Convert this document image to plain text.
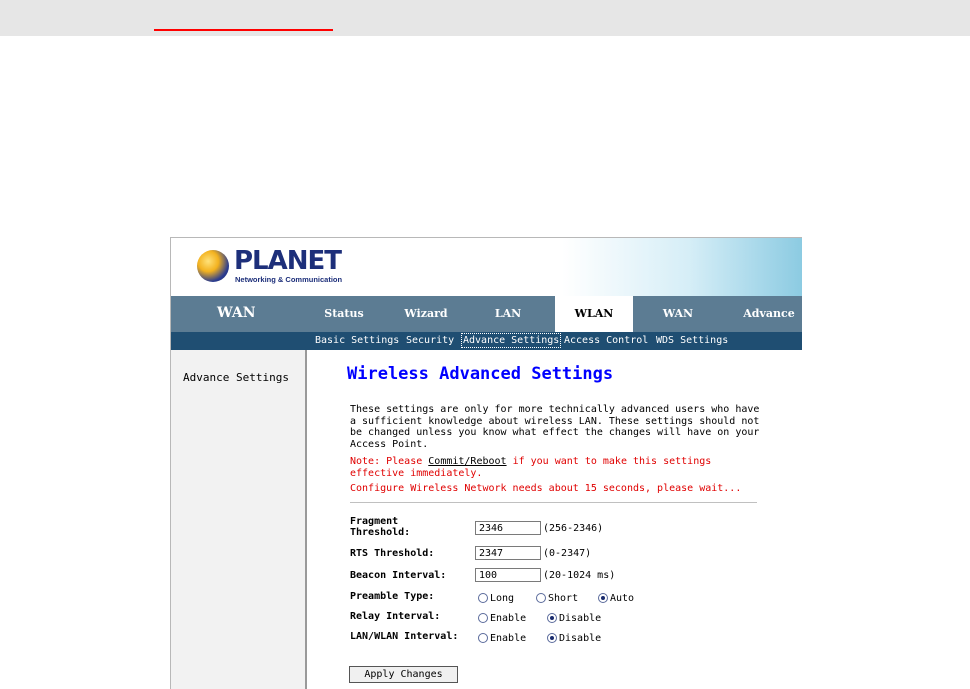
PLANET
Networking & Communication
WAN	Status	Wizard	LAN	WLAN	WAN	Advance
Basic Settings Security Advance Settings Access Control WDS Settings
Advance Settings	Wireless Advanced Settings
These settings are only for more technically advanced users who have a sufficient knowledge about wireless LAN. These settings should not be changed unless you know what effect the changes will have on your Access Point.
Note: Please Commit/Reboot if you want to make this settings effective immediately.
Configure Wireless Network needs about 15 seconds, please wait...
Fragment
Threshold:	2346	(256-2346)
RTS Threshold:	2347	(0-2347)
Beacon Interval:	100	(20-1024 ms)
Preamble Type:	Long	Short	Auto
Relay Interval:	Enable	Disable
LAN/WLAN Interval:	Enable	Disable
Apply Changes
